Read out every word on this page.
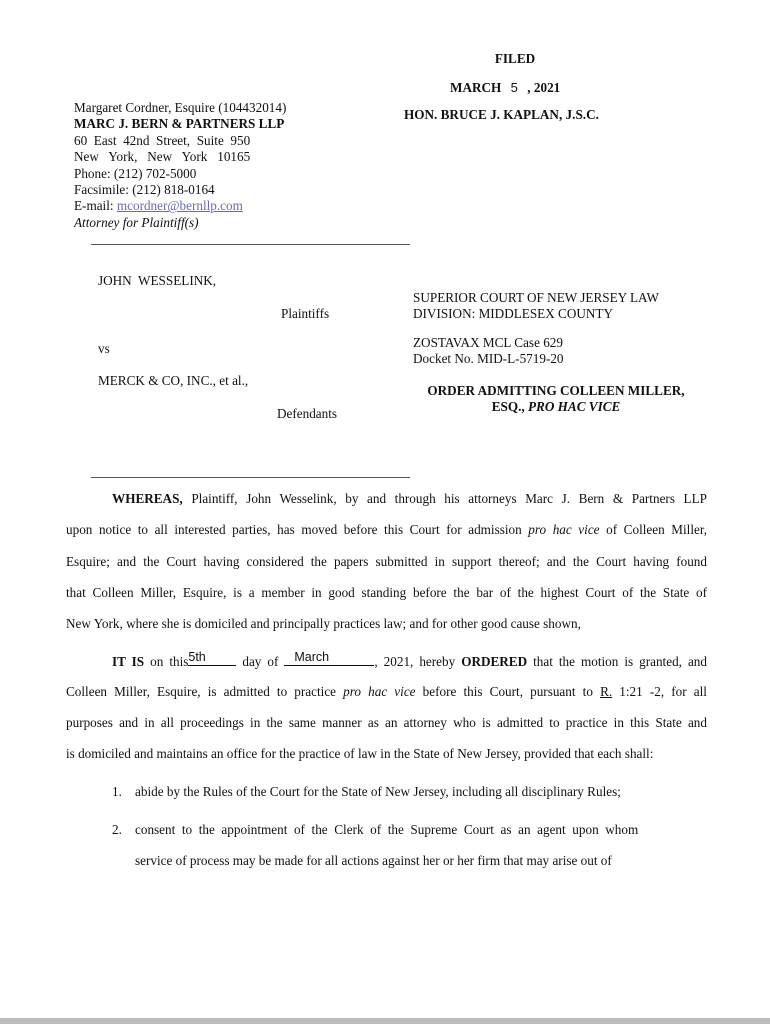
FILED
MARCH 5 , 2021
HON. BRUCE J. KAPLAN, J.S.C.
Margaret Cordner, Esquire (104432014)
MARC J. BERN & PARTNERS LLP
60  East  42nd  Street,  Suite  950
New   York,   New   York   10165
Phone: (212) 702-5000
Facsimile: (212) 818-0164
E-mail: mcordner@bernllp.com
Attorney for Plaintiff(s)
JOHN  WESSELINK,
Plaintiffs
vs
MERCK & CO, INC., et al.,
Defendants
SUPERIOR COURT OF NEW JERSEY LAW
DIVISION: MIDDLESEX COUNTY
ZOSTAVAX MCL Case 629
Docket No. MID-L-5719-20
ORDER ADMITTING COLLEEN MILLER,
ESQ., PRO HAC VICE
WHEREAS, Plaintiff, John Wesselink, by and through his attorneys Marc J. Bern & Partners LLP
upon notice to all interested parties, has moved before this Court for admission pro hac vice of Colleen Miller,
Esquire; and the Court having considered the papers submitted in support thereof; and the Court having found
that Colleen Miller, Esquire, is a member in good standing before the bar of the highest Court of the State of
New York, where she is domiciled and principally practices law; and for other good cause shown,
IT IS on this 5th	day of March	, 2021, hereby ORDERED that the motion is granted, and
Colleen Miller, Esquire, is admitted to practice pro hac vice before this Court, pursuant to R. 1:21 -2, for all
purposes and in all proceedings in the same manner as an attorney who is admitted to practice in this State and
is domiciled and maintains an office for the practice of law in the State of New Jersey, provided that each shall:
1. abide by the Rules of the Court for the State of New Jersey, including all disciplinary Rules;
2. consent  to  the  appointment  of  the  Clerk  of  the  Supreme  Court  as  an  agent  upon  whom
service of process may be made for all actions against her or her firm that may arise out of
